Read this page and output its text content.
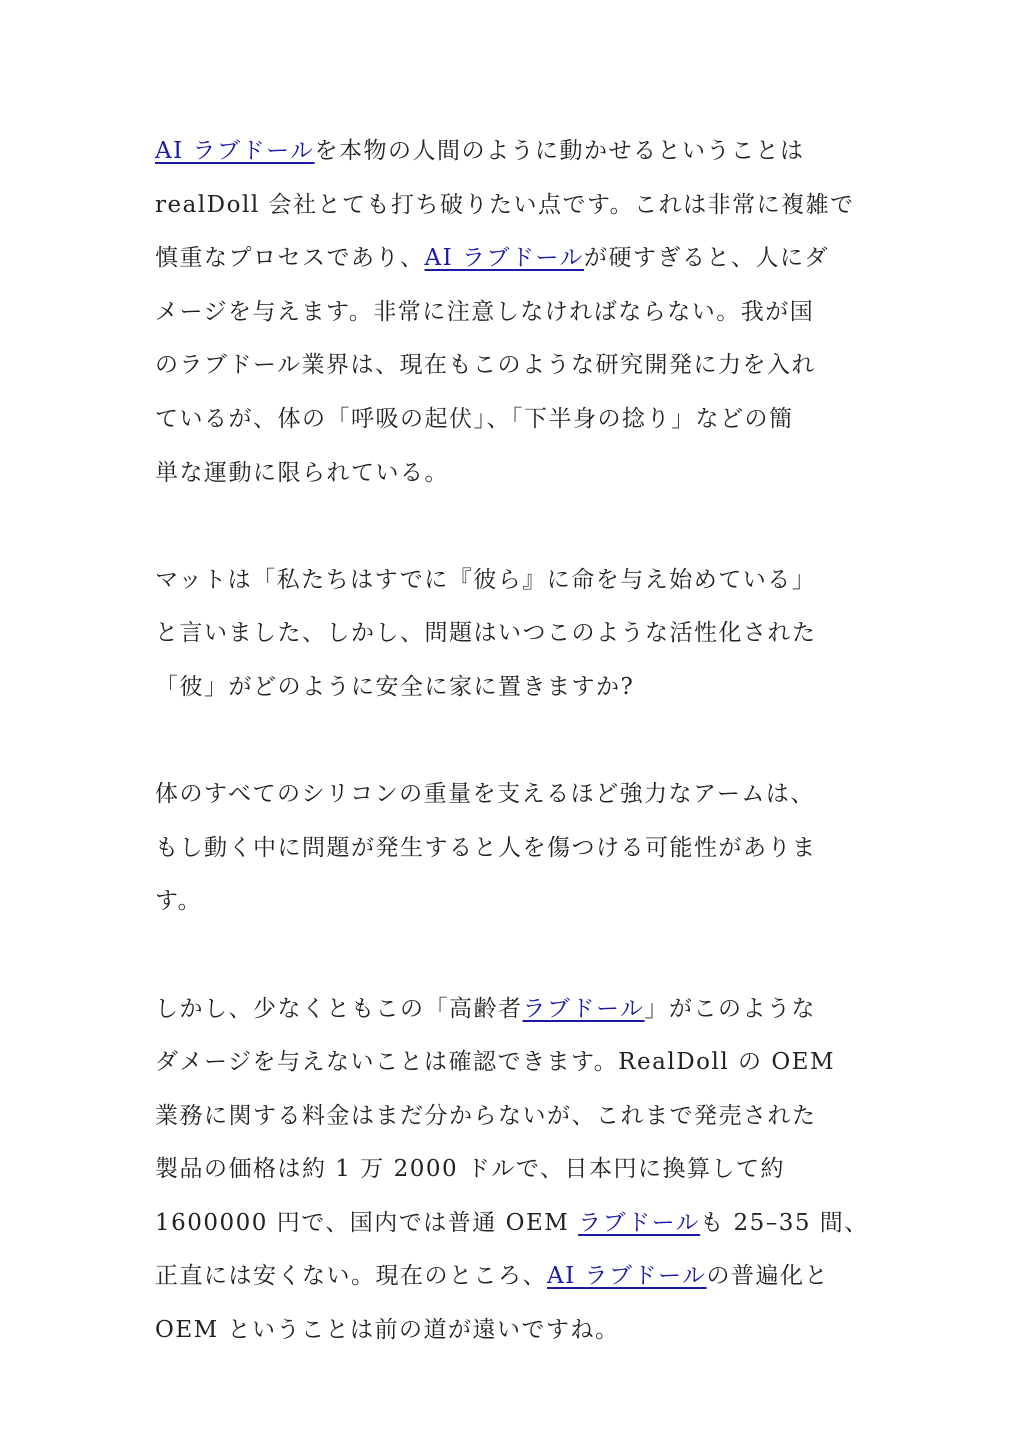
AI ラブドールを本物の人間のように動かせるということは
realDoll 会社とても打ち破りたい点です。これは非常に複雑で
慎重なプロセスであり、AI ラブドールが硬すぎると、人にダ
メージを与えます。非常に注意しなければならない。我が国
のラブドール業界は、現在もこのような研究開発に力を入れ
ているが、体の「呼吸の起伏」、「下半身の捻り」などの簡
単な運動に限られている。
マットは「私たちはすでに『彼ら』に命を与え始めている」
と言いました、しかし、問題はいつこのような活性化された
「彼」がどのように安全に家に置きますか?
体のすべてのシリコンの重量を支えるほど強力なアームは、
もし動く中に問題が発生すると人を傷つける可能性がありま
す。
しかし、少なくともこの「高齢者ラブドール」がこのような
ダメージを与えないことは確認できます。RealDoll の OEM
業務に関する料金はまだ分からないが、これまで発売された
製品の価格は約 1 万 2000 ドルで、日本円に換算して約
1600000 円で、国内では普通 OEM ラブドールも 25–35 間、
正直には安くない。現在のところ、AI ラブドールの普遍化と
OEM ということは前の道が遠いですね。
